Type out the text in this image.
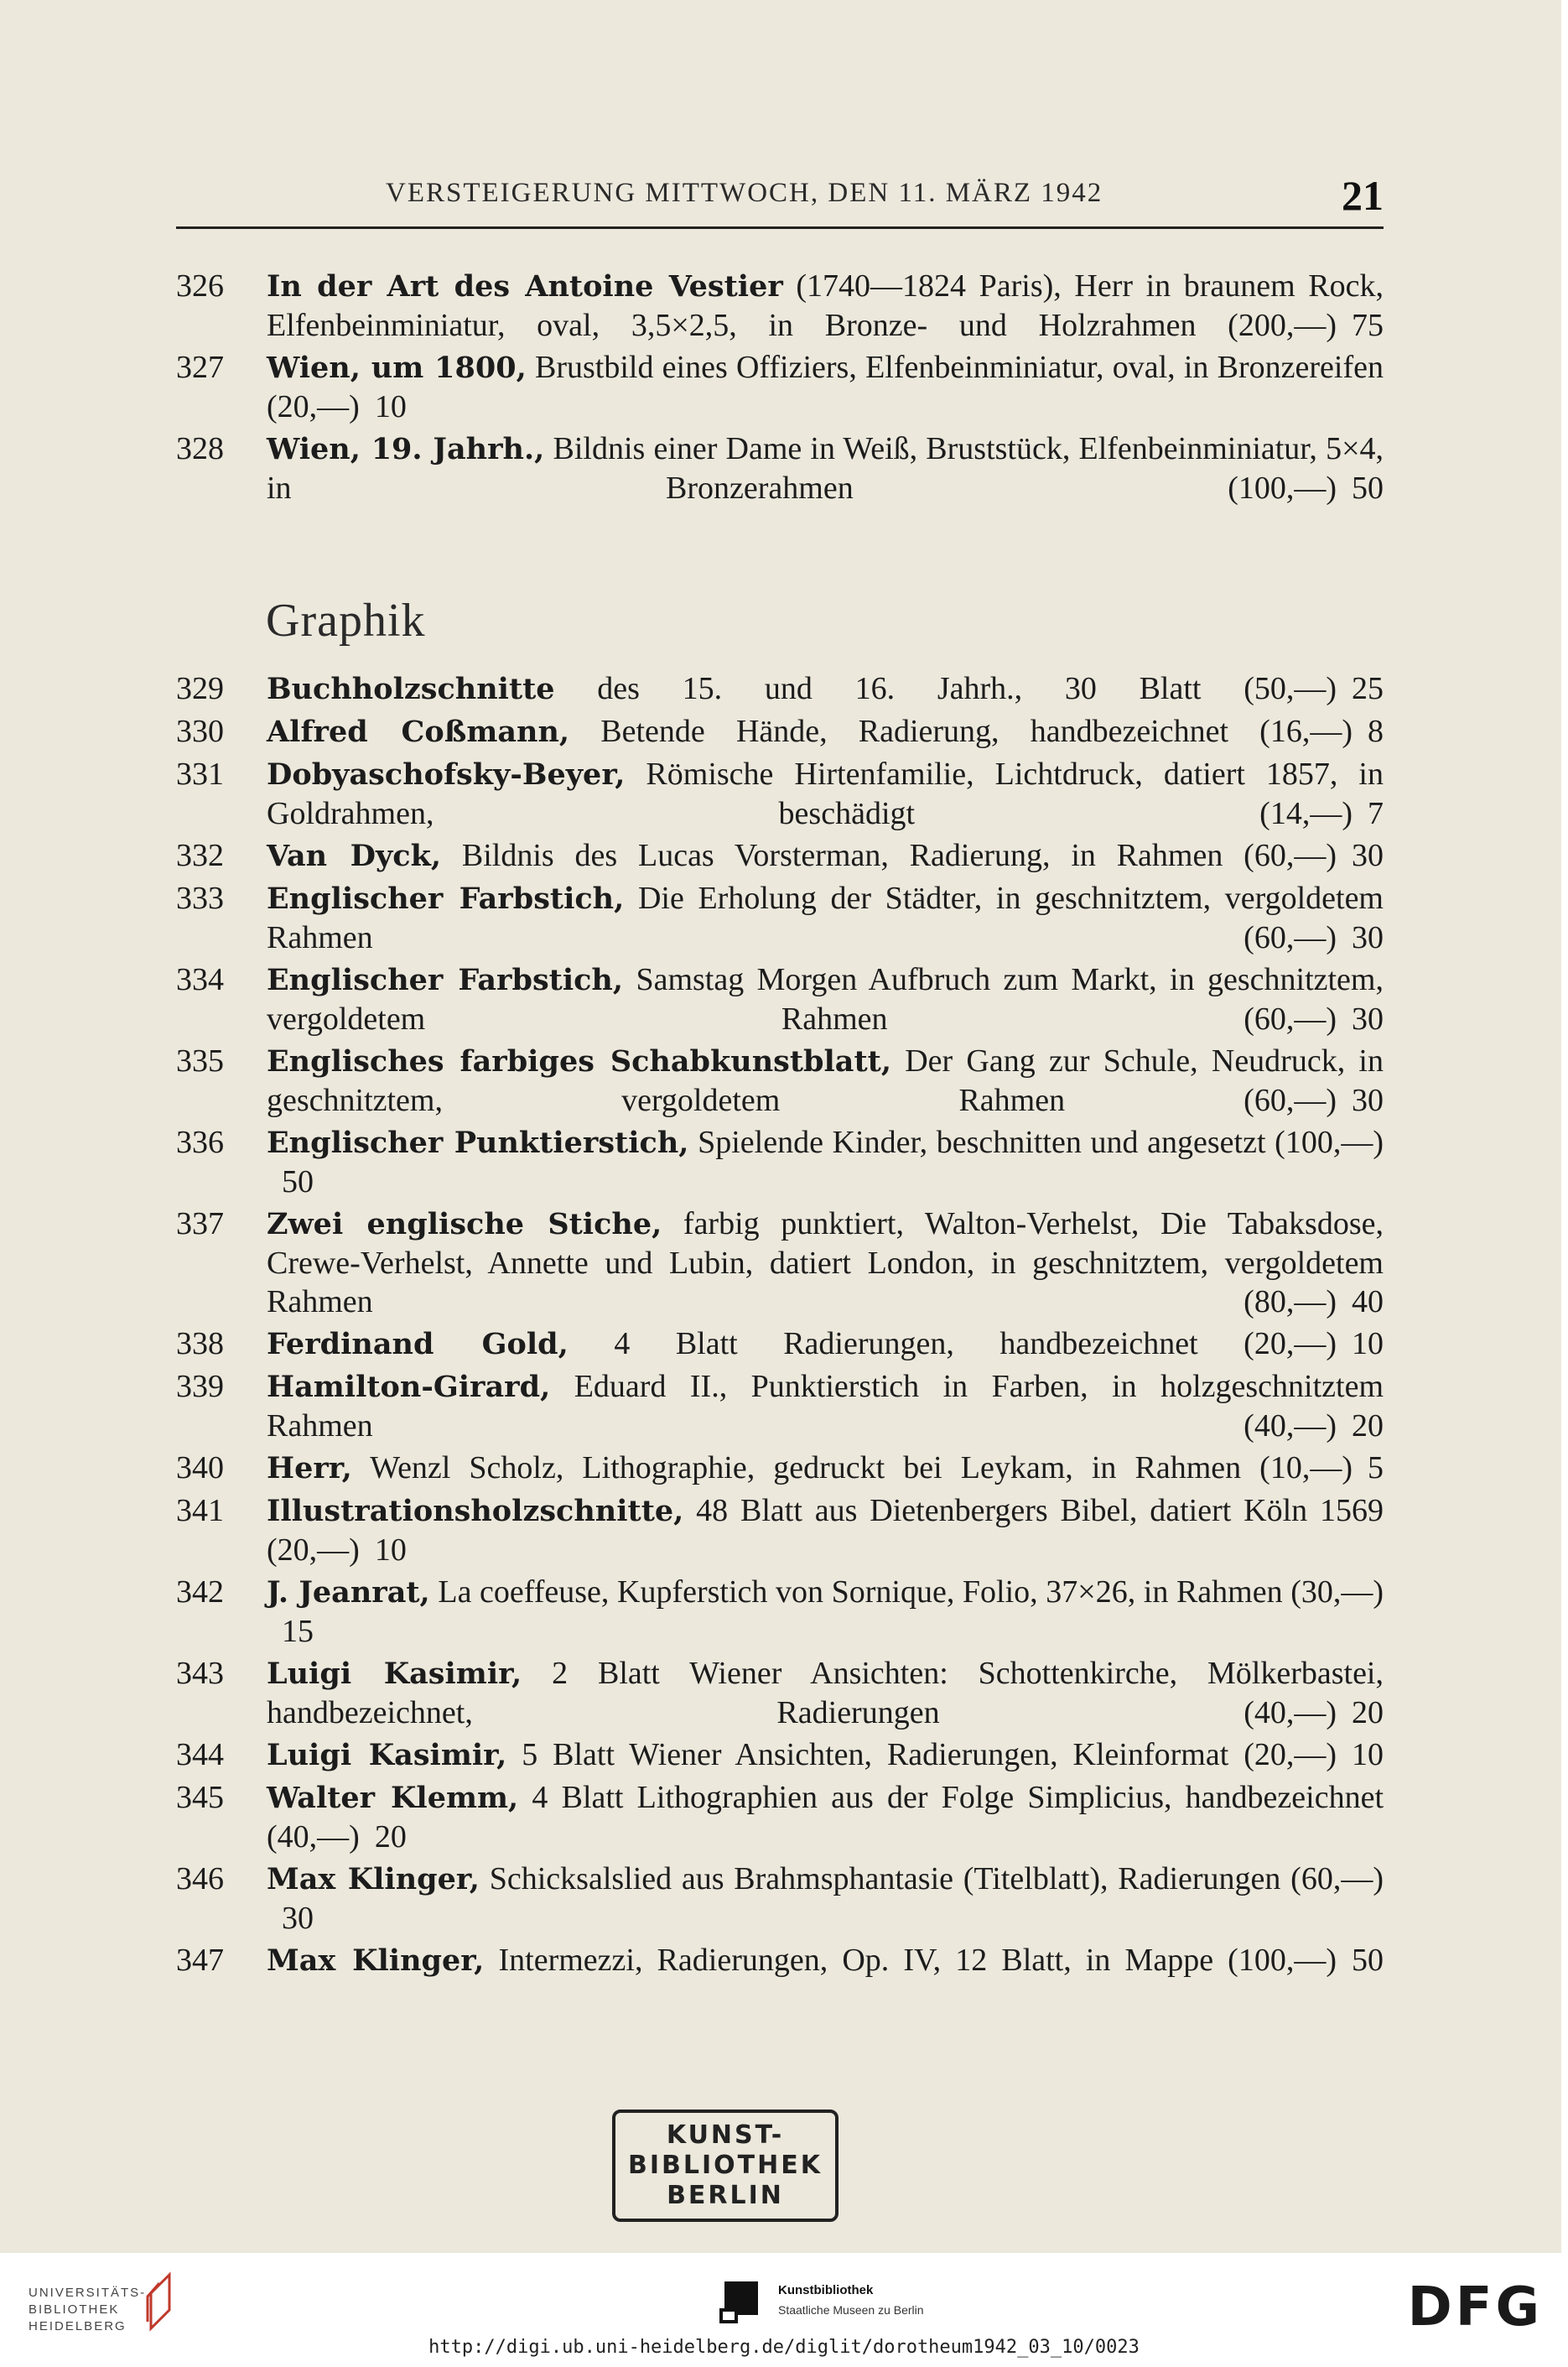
VERSTEIGERUNG MITTWOCH, DEN 11. MÄRZ 1942	21
326	In der Art des Antoine Vestier (1740—1824 Paris), Herr in braunem Rock, Elfenbeinminiatur, oval, 3,5×2,5, in Bronze- und Holzrahmen (200,—) 75
327	Wien, um 1800, Brustbild eines Offiziers, Elfenbeinminiatur, oval, in Bronzereifen (20,—) 10
328	Wien, 19. Jahrh., Bildnis einer Dame in Weiß, Bruststück, Elfenbeinminiatur, 5×4, in Bronzerahmen (100,—) 50
Graphik
329	Buchholzschnitte des 15. und 16. Jahrh., 30 Blatt (50,—) 25
330	Alfred Coßmann, Betende Hände, Radierung, handbezeichnet (16,—) 8
331	Dobyaschofsky-Beyer, Römische Hirtenfamilie, Lichtdruck, datiert 1857, in Goldrahmen, beschädigt (14,—) 7
332	Van Dyck, Bildnis des Lucas Vorsterman, Radierung, in Rahmen (60,—) 30
333	Englischer Farbstich, Die Erholung der Städter, in geschnitztem, vergoldetem Rahmen (60,—) 30
334	Englischer Farbstich, Samstag Morgen Aufbruch zum Markt, in geschnitztem, vergoldetem Rahmen (60,—) 30
335	Englisches farbiges Schabkunstblatt, Der Gang zur Schule, Neudruck, in geschnitztem, vergoldetem Rahmen (60,—) 30
336	Englischer Punktierstich, Spielende Kinder, beschnitten und angesetzt (100,—)50
337	Zwei englische Stiche, farbig punktiert, Walton-Verhelst, Die Tabaksdose, Crewe-Verhelst, Annette und Lubin, datiert London, in geschnitztem, vergoldetem Rahmen (80,—) 40
338	Ferdinand Gold, 4 Blatt Radierungen, handbezeichnet (20,—) 10
339	Hamilton-Girard, Eduard II., Punktierstich in Farben, in holzgeschnitztem Rahmen (40,—) 20
340	Herr, Wenzl Scholz, Lithographie, gedruckt bei Leykam, in Rahmen (10,—) 5
341	Illustrationsholzschnitte, 48 Blatt aus Dietenbergers Bibel, datiert Köln 1569 (20,—) 10
342	J. Jeanrat, La coeffeuse, Kupferstich von Sornique, Folio, 37×26, in Rahmen (30,—)15
343	Luigi Kasimir, 2 Blatt Wiener Ansichten: Schottenkirche, Mölkerbastei, handbezeichnet, Radierungen (40,—) 20
344	Luigi Kasimir, 5 Blatt Wiener Ansichten, Radierungen, Kleinformat (20,—) 10
345	Walter Klemm, 4 Blatt Lithographien aus der Folge Simplicius, handbezeichnet (40,—) 20
346	Max Klinger, Schicksalslied aus Brahmsphantasie (Titelblatt), Radierungen (60,—)30
347	Max Klinger, Intermezzi, Radierungen, Op. IV, 12 Blatt, in Mappe (100,—) 50
KUNST-
BIBLIOTHEK
BERLIN
UNIVERSITÄTS-
BIBLIOTHEK
HEIDELBERG
Kunstbibliothek
Staatliche Museen zu Berlin	DFG
http://digi.ub.uni-heidelberg.de/diglit/dorotheum1942_03_10/0023
